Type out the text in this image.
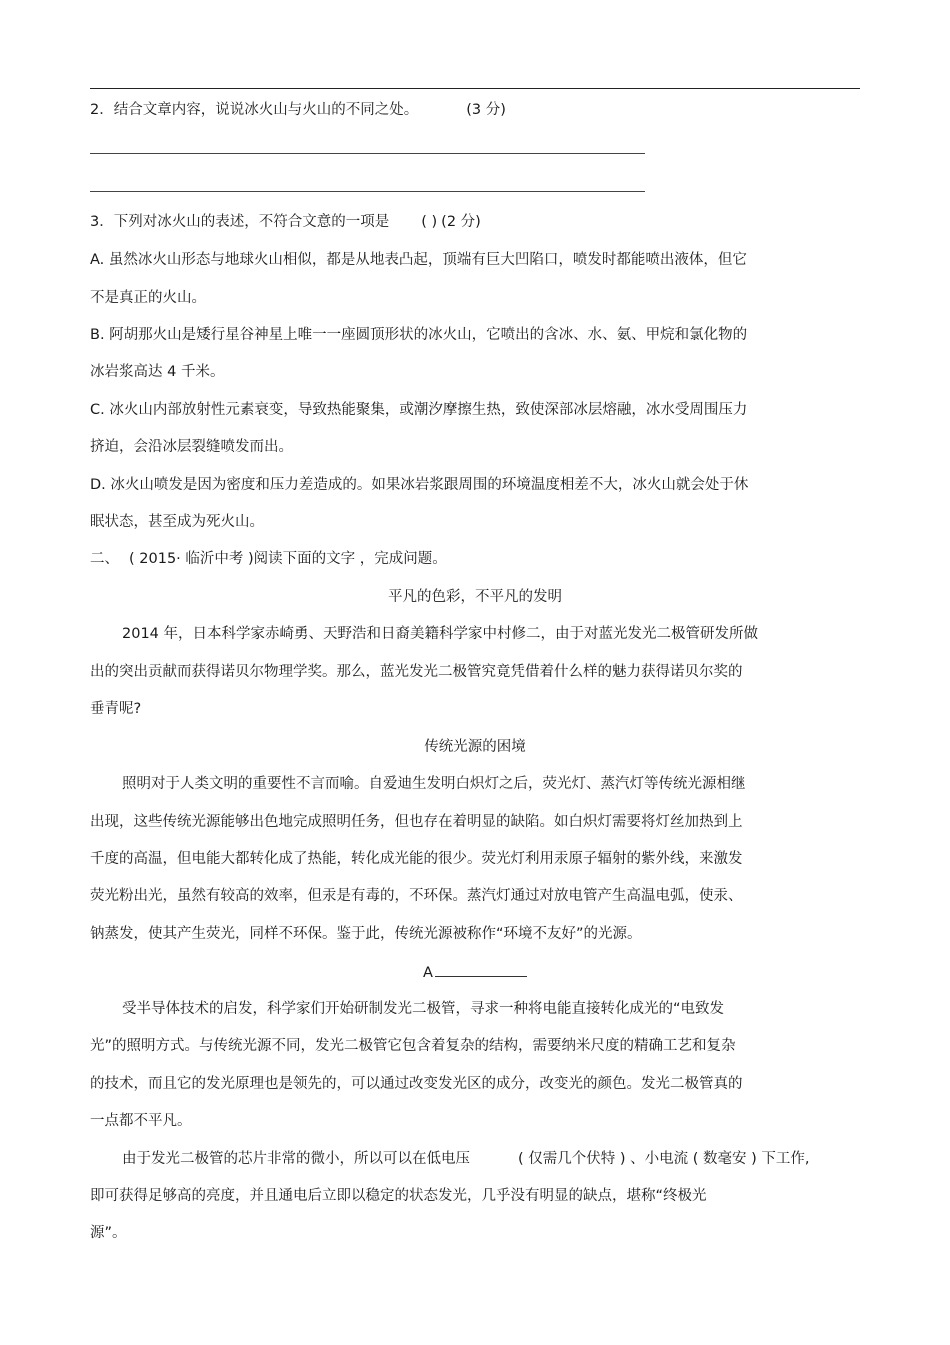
2．结合文章内容，说说冰火山与火山的不同之处。	(3 分)
3．下列对冰火山的表述，不符合文意的一项是 ( ) (2 分)
A. 虽然冰火山形态与地球火山相似，都是从地表凸起，顶端有巨大凹陷口，喷发时都能喷出液体，但它
不是真正的火山。
B. 阿胡那火山是矮行星谷神星上唯一一座圆顶形状的冰火山，它喷出的含冰、水、氨、甲烷和氯化物的
冰岩浆高达 4 千米。
C. 冰火山内部放射性元素衰变，导致热能聚集，或潮汐摩擦生热，致使深部冰层熔融，冰水受周围压力
挤迫，会沿冰层裂缝喷发而出。
D. 冰火山喷发是因为密度和压力差造成的。如果冰岩浆跟周围的环境温度相差不大，冰火山就会处于休
眠状态，甚至成为死火山。
二、 ( 2015· 临沂中考 )阅读下面的文字 ，完成问题。
平凡的色彩，不平凡的发明
2014 年，日本科学家赤崎勇、天野浩和日裔美籍科学家中村修二，由于对蓝光发光二极管研发所做
出的突出贡献而获得诺贝尔物理学奖。那么，蓝光发光二极管究竟凭借着什么样的魅力获得诺贝尔奖的
垂青呢?
传统光源的困境
照明对于人类文明的重要性不言而喻。自爱迪生发明白炽灯之后，荧光灯、蒸汽灯等传统光源相继
出现，这些传统光源能够出色地完成照明任务，但也存在着明显的缺陷。如白炽灯需要将灯丝加热到上
千度的高温，但电能大都转化成了热能，转化成光能的很少。荧光灯利用汞原子辐射的紫外线，来激发
荧光粉出光，虽然有较高的效率，但汞是有毒的，不环保。蒸汽灯通过对放电管产生高温电弧，使汞、
钠蒸发，使其产生荧光，同样不环保。鉴于此，传统光源被称作“环境不友好”的光源。
A
受半导体技术的启发，科学家们开始研制发光二极管，寻求一种将电能直接转化成光的“电致发
光”的照明方式。与传统光源不同，发光二极管它包含着复杂的结构，需要纳米尺度的精确工艺和复杂
的技术，而且它的发光原理也是领先的，可以通过改变发光区的成分，改变光的颜色。发光二极管真的
一点都不平凡。
由于发光二极管的芯片非常的微小，所以可以在低电压	( 仅需几个伏特 ) 、小电流 ( 数毫安 ) 下工作,
即可获得足够高的亮度，并且通电后立即以稳定的状态发光，几乎没有明显的缺点，堪称“终极光
源”。
